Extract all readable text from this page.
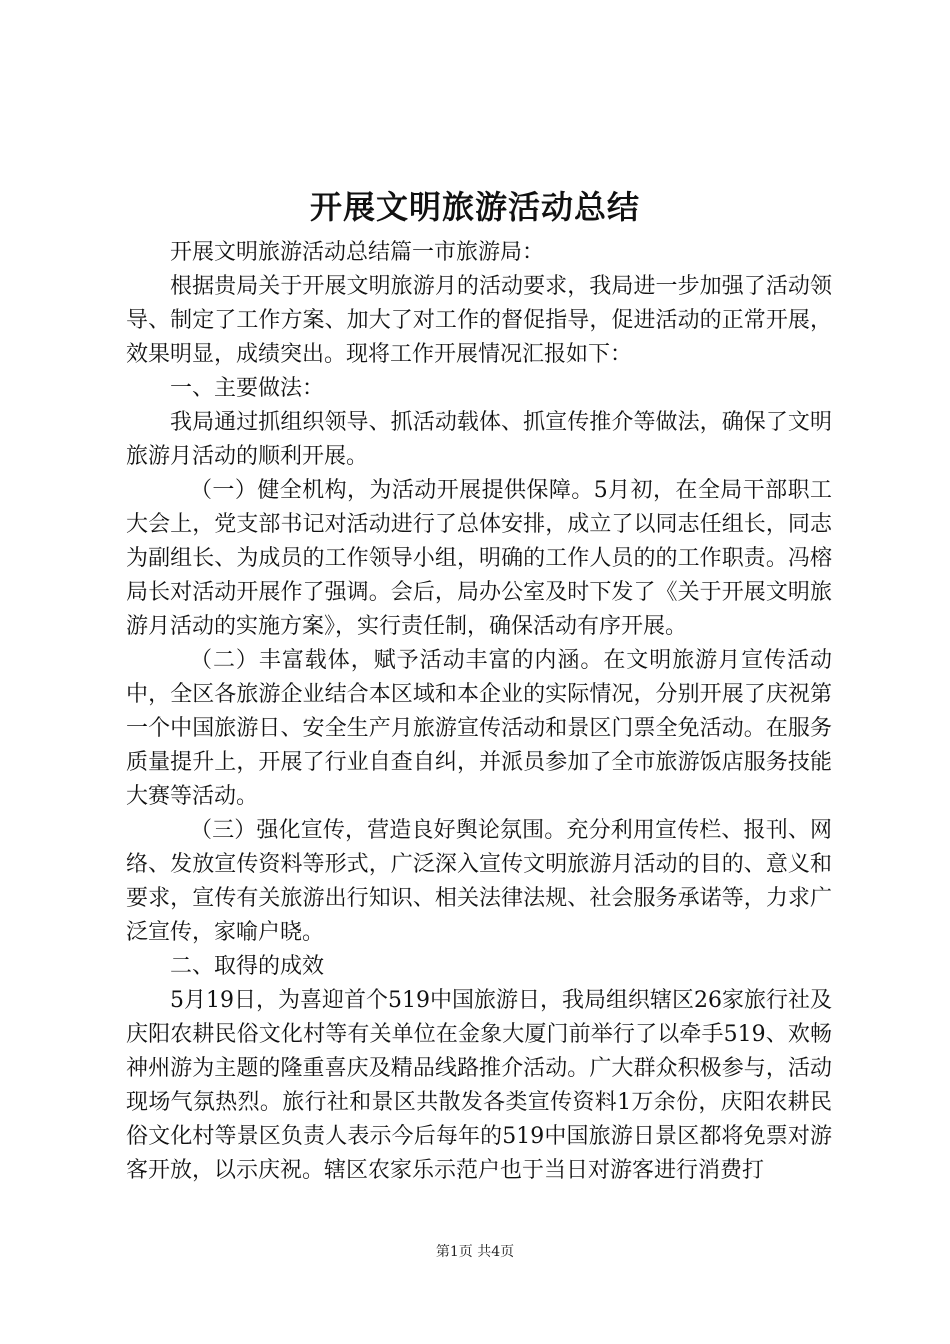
开展文明旅游活动总结

开展文明旅游活动总结篇一市旅游局：

根据贵局关于开展文明旅游月的活动要求，我局进一步加强了活动领导、制定了工作方案、加大了对工作的督促指导，促进活动的正常开展，效果明显，成绩突出。现将工作开展情况汇报如下：

一、主要做法：

我局通过抓组织领导、抓活动载体、抓宣传推介等做法，确保了文明旅游月活动的顺利开展。

（一）健全机构，为活动开展提供保障。5月初，在全局干部职工大会上，党支部书记对活动进行了总体安排，成立了以同志任组长，同志为副组长、为成员的工作领导小组，明确的工作人员的的工作职责。冯榕局长对活动开展作了强调。会后，局办公室及时下发了《关于开展文明旅游月活动的实施方案》，实行责任制，确保活动有序开展。

（二）丰富载体，赋予活动丰富的内涵。在文明旅游月宣传活动中，全区各旅游企业结合本区域和本企业的实际情况，分别开展了庆祝第一个中国旅游日、安全生产月旅游宣传活动和景区门票全免活动。在服务质量提升上，开展了行业自查自纠，并派员参加了全市旅游饭店服务技能大赛等活动。

（三）强化宣传，营造良好舆论氛围。充分利用宣传栏、报刊、网络、发放宣传资料等形式，广泛深入宣传文明旅游月活动的目的、意义和要求，宣传有关旅游出行知识、相关法律法规、社会服务承诺等，力求广泛宣传，家喻户晓。

二、取得的成效

5月19日，为喜迎首个519中国旅游日，我局组织辖区26家旅行社及庆阳农耕民俗文化村等有关单位在金象大厦门前举行了以牵手519、欢畅神州游为主题的隆重喜庆及精品线路推介活动。广大群众积极参与，活动现场气氛热烈。旅行社和景区共散发各类宣传资料1万余份，庆阳农耕民俗文化村等景区负责人表示今后每年的519中国旅游日景区都将免票对游客开放，以示庆祝。辖区农家乐示范户也于当日对游客进行消费打

第1页 共4页
